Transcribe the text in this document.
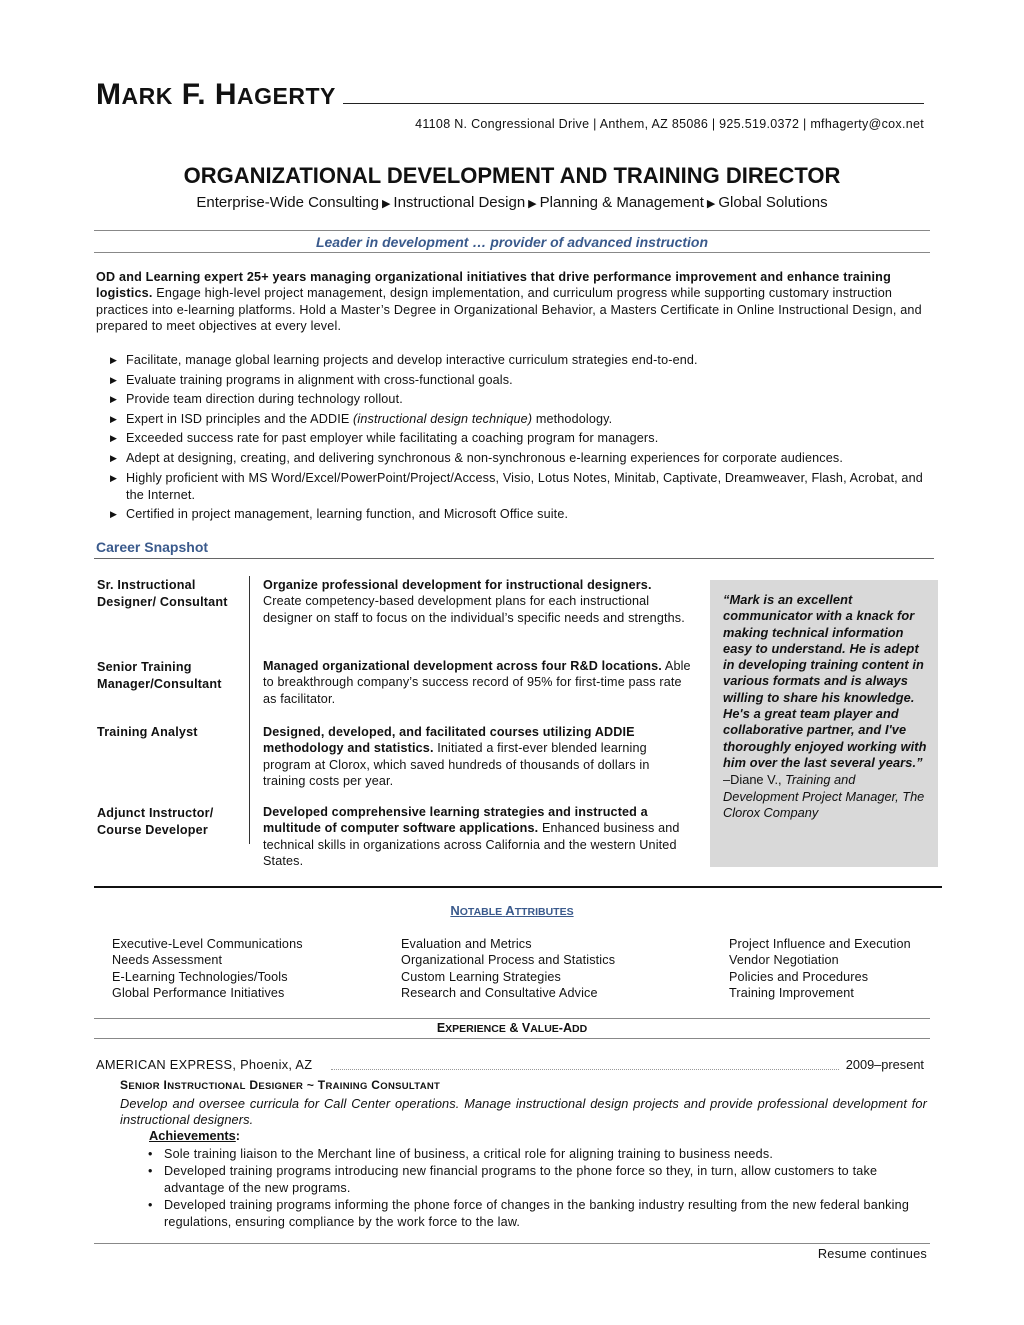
MARK F. HAGERTY
41108 N. Congressional Drive | Anthem, AZ 85086 | 925.519.0372 | mfhagerty@cox.net
ORGANIZATIONAL DEVELOPMENT AND TRAINING DIRECTOR
Enterprise-Wide Consulting ▶ Instructional Design ▶ Planning & Management ▶ Global Solutions
Leader in development … provider of advanced instruction
OD and Learning expert 25+ years managing organizational initiatives that drive performance improvement and enhance training logistics. Engage high-level project management, design implementation, and curriculum progress while supporting customary instruction practices into e-learning platforms. Hold a Master’s Degree in Organizational Behavior, a Masters Certificate in Online Instructional Design, and prepared to meet objectives at every level.
▶ Facilitate, manage global learning projects and develop interactive curriculum strategies end-to-end.
▶ Evaluate training programs in alignment with cross-functional goals.
▶ Provide team direction during technology rollout.
▶ Expert in ISD principles and the ADDIE (instructional design technique) methodology.
▶ Exceeded success rate for past employer while facilitating a coaching program for managers.
▶ Adept at designing, creating, and delivering synchronous & non-synchronous e-learning experiences for corporate audiences.
▶ Highly proficient with MS Word/Excel/PowerPoint/Project/Access, Visio, Lotus Notes, Minitab, Captivate, Dreamweaver, Flash, Acrobat, and the Internet.
▶ Certified in project management, learning function, and Microsoft Office suite.
Career Snapshot
Sr. Instructional Designer/ Consultant
Organize professional development for instructional designers. Create competency-based development plans for each instructional designer on staff to focus on the individual’s specific needs and strengths.
Senior Training Manager/Consultant
Managed organizational development across four R&D locations. Able to breakthrough company’s success record of 95% for first-time pass rate as facilitator.
Training Analyst	Designed, developed, and facilitated courses utilizing ADDIE methodology and statistics. Initiated a first-ever blended learning program at Clorox, which saved hundreds of thousands of dollars in training costs per year.
Adjunct Instructor/ Course Developer
Developed comprehensive learning strategies and instructed a multitude of computer software applications. Enhanced business and technical skills in organizations across California and the western United States.
“Mark is an excellent communicator with a knack for making technical information easy to understand. He is adept in developing training content in various formats and is always willing to share his knowledge. He's a great team player and collaborative partner, and I've thoroughly enjoyed working with him over the last several years.”
–Diane V., Training and Development Project Manager, The Clorox Company
NOTABLE ATTRIBUTES
Executive-Level Communications
Needs Assessment
E-Learning Technologies/Tools
Global Performance Initiatives
Evaluation and Metrics
Organizational Process and Statistics
Custom Learning Strategies
Research and Consultative Advice
Project Influence and Execution
Vendor Negotiation
Policies and Procedures
Training Improvement
EXPERIENCE & VALUE-ADD
AMERICAN EXPRESS, Phoenix, AZ	2009–present
SENIOR INSTRUCTIONAL DESIGNER ~ TRAINING CONSULTANT
Develop and oversee curricula for Call Center operations. Manage instructional design projects and provide professional development for instructional designers.
Achievements:
• Sole training liaison to the Merchant line of business, a critical role for aligning training to business needs.
• Developed training programs introducing new financial programs to the phone force so they, in turn, allow customers to take advantage of the new programs.
• Developed training programs informing the phone force of changes in the banking industry resulting from the new federal banking regulations, ensuring compliance by the work force to the law.
Resume continues
